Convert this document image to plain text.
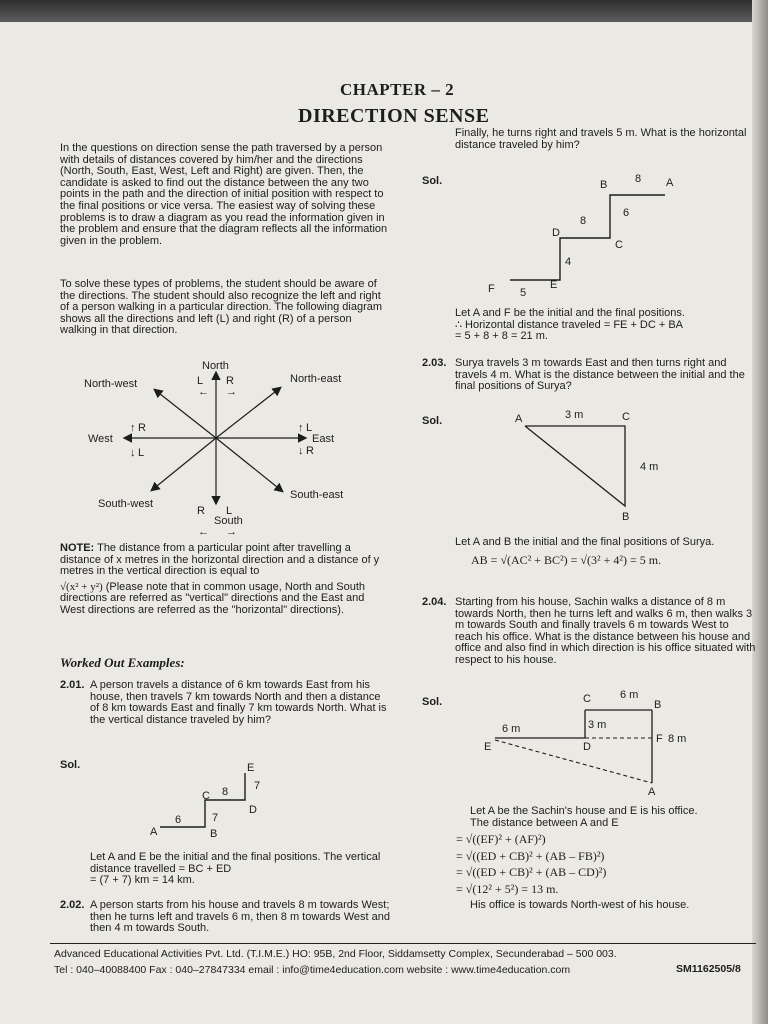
CHAPTER – 2
DIRECTION SENSE

In the questions on direction sense the path traversed by a person with details of distances covered by him/her and the directions (North, South, East, West, Left and Right) are given. Then, the candidate is asked to find out the distance between the any two points in the path and the direction of initial position with respect to the final positions or vice versa. The easiest way of solving these problems is to draw a diagram as you read the information given in the problem and ensure that the diagram reflects all the information given in the problem.

To solve these types of problems, the student should be aware of the directions. The student should also recognize the left and right of a person walking in a particular direction. The following diagram shows all the directions and left (L) and right (R) of a person walking in that direction.

North
L R
← →
North-west	North-east
West
↑ R
↓ L
East
↑ L
↓ R
South-west
South-east
R L
South
← →

NOTE: The distance from a particular point after travelling a distance of x metres in the horizontal direction and a distance of y metres in the vertical direction is equal to

√(x² + y²) (Please note that in common usage, North and South directions are referred as "vertical" directions and the East and West directions are referred as the "horizontal" directions).

Worked Out Examples:
2.01. A person travels a distance of 6 km towards East from his house, then travels 7 km towards North and then a distance of 8 km towards East and finally 7 km towards North. What is the vertical distance traveled by him?
Sol.
A	B
C
D
E
6	7
8 7

Let A and E be the initial and the final positions. The vertical distance travelled = BC + ED

= (7 + 7) km = 14 km.

2.02. A person starts from his house and travels 8 m towards West; then he turns left and travels 6 m, then 8 m towards West and then 4 m towards South.

Finally, he turns right and travels 5 m. What is the horizontal distance traveled by him?

Sol.	A
B
C
D
E
F
8
6
8
4
5

Let A and F be the initial and the final positions.

∴ Horizontal distance traveled = FE + DC + BA

= 5 + 8 + 8 = 21 m.

2.03. Surya travels 3 m towards East and then turns right and travels 4 m. What is the distance between the initial and the final positions of Surya?
Sol.	A	C
B
3 m
4 m

Let A and B the initial and the final positions of Surya.

AB = √(AC² + BC²) = √(3² + 4²) = 5 m.

2.04. Starting from his house, Sachin walks a distance of 8 m towards North, then he turns left and walks 6 m, then walks 3 m towards South and finally travels 6 m towards West to reach his office. What is the distance between his house and office and also find in which direction is his office situated with respect to his house.
Sol.
A
B
C
D
E
F
6 m
3 m
6 m
8 m

Let A be the Sachin's house and E is his office.

The distance between A and E

= √((EF)² + (AF)²)

= √((ED + CB)² + (AB – FB)²)

= √((ED + CB)² + (AB – CD)²)

= √(12² + 5²) = 13 m.

His office is towards North-west of his house.

Advanced Educational Activities Pvt. Ltd. (T.I.M.E.) HO: 95B, 2nd Floor, Siddamsetty Complex, Secunderabad – 500 003.
Tel : 040–40088400 Fax : 040–27847334 email : info@time4education.com website : www.time4education.com	SM1162505/8
